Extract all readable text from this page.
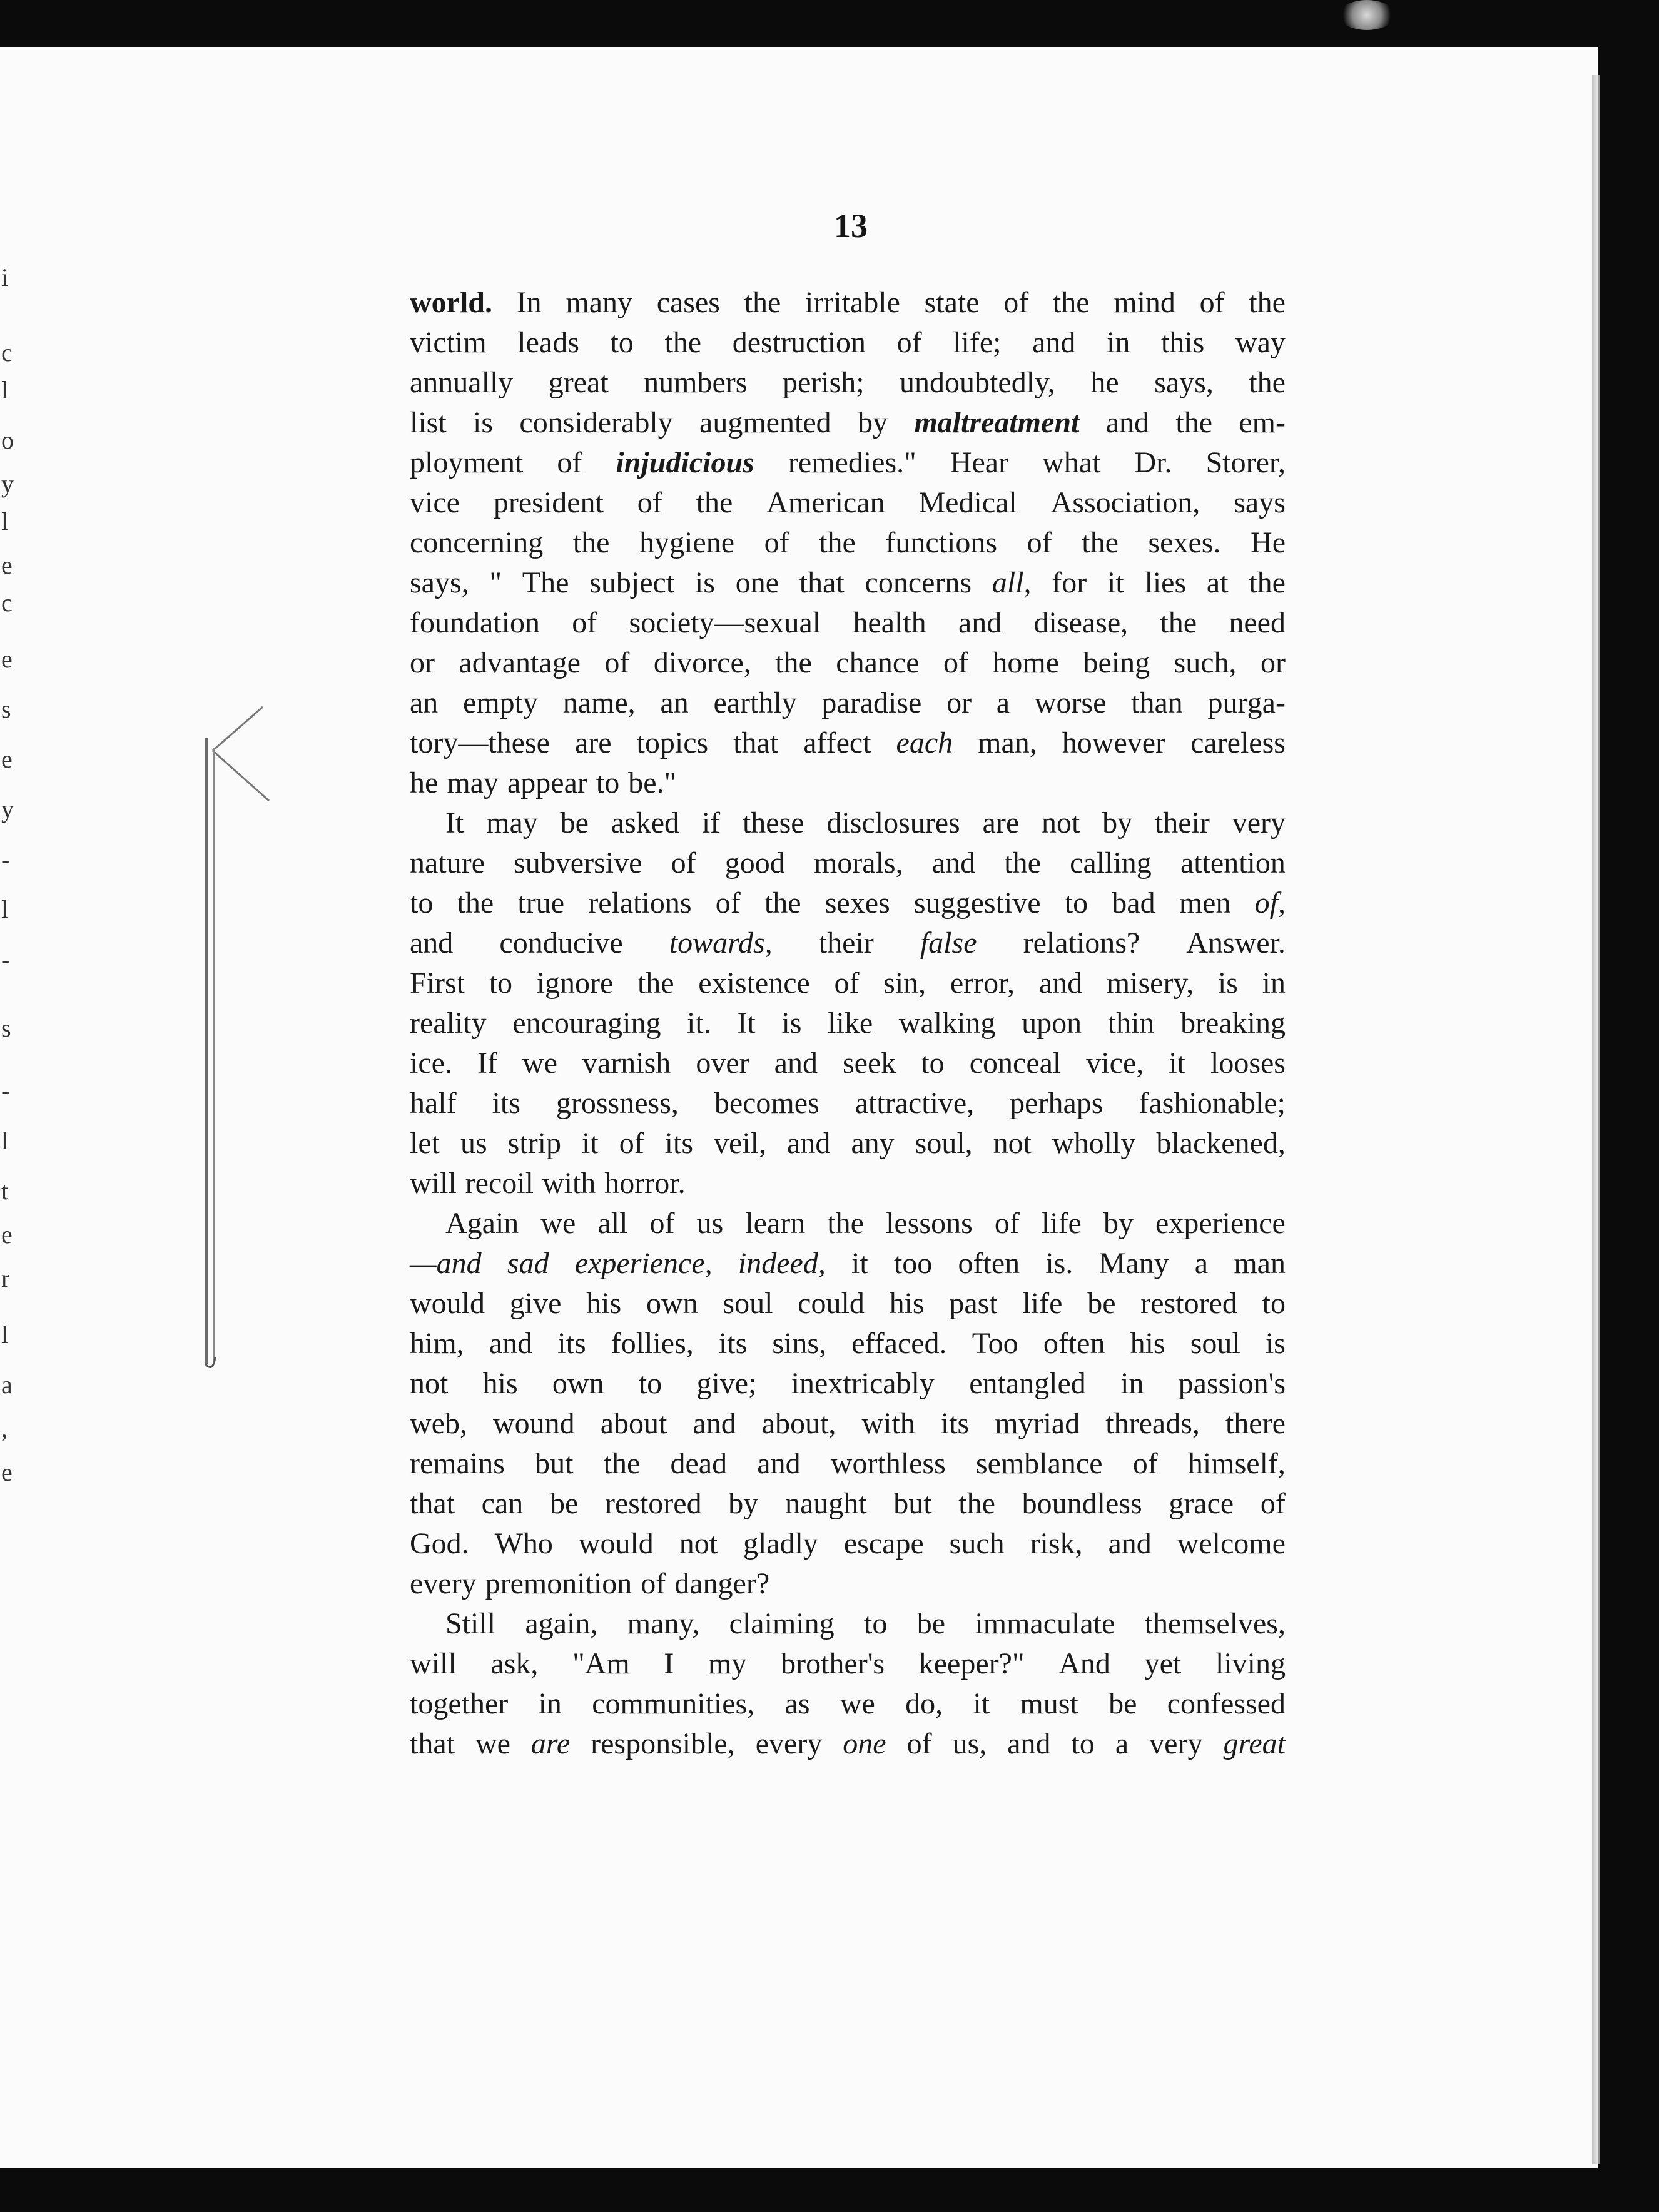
i
c
l
o
y
l
e
c
e
s
e
y
-
l
-
s
-
l
t
e
r
l
a
,
e
13
world. In many cases the irritable state of the mind of the
victim leads to the destruction of life; and in this way
annually great numbers perish; undoubtedly, he says, the
list is considerably augmented by maltreatment and the em-
ployment of injudicious remedies." Hear what Dr. Storer,
vice president of the American Medical Association, says
concerning the hygiene of the functions of the sexes. He
says, " The subject is one that concerns all, for it lies at the
foundation of society—sexual health and disease, the need
or advantage of divorce, the chance of home being such, or
an empty name, an earthly paradise or a worse than purga-
tory—these are topics that affect each man, however careless
he may appear to be."
It may be asked if these disclosures are not by their very
nature subversive of good morals, and the calling attention
to the true relations of the sexes suggestive to bad men of,
and conducive towards, their false relations? Answer.
First to ignore the existence of sin, error, and misery, is in
reality encouraging it. It is like walking upon thin breaking
ice. If we varnish over and seek to conceal vice, it looses
half its grossness, becomes attractive, perhaps fashionable;
let us strip it of its veil, and any soul, not wholly blackened,
will recoil with horror.
Again we all of us learn the lessons of life by experience
—and sad experience, indeed, it too often is. Many a man
would give his own soul could his past life be restored to
him, and its follies, its sins, effaced. Too often his soul is
not his own to give; inextricably entangled in passion's
web, wound about and about, with its myriad threads, there
remains but the dead and worthless semblance of himself,
that can be restored by naught but the boundless grace of
God. Who would not gladly escape such risk, and welcome
every premonition of danger?
Still again, many, claiming to be immaculate themselves,
will ask, "Am I my brother's keeper?" And yet living
together in communities, as we do, it must be confessed
that we are responsible, every one of us, and to a very great
